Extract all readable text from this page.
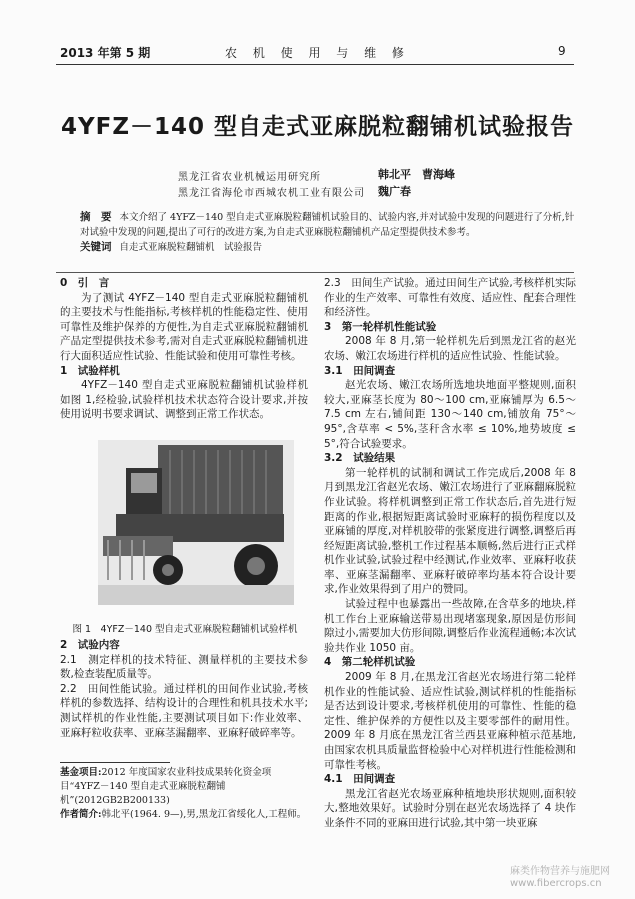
2013 年第 5 期	农 机 使 用 与 维 修	9
4YFZ－140 型自走式亚麻脱粒翻铺机试验报告
黑龙江省农业机械运用研究所
黑龙江省海伦市西城农机工业有限公司
韩北平　曹海峰
魏广春
摘　要 本文介绍了 4YFZ－140 型自走式亚麻脱粒翻铺机试验目的、试验内容,并对试验中发现的问题进行了分析,针对试验中发现的问题,提出了可行的改进方案,为自走式亚麻脱粒翻铺机产品定型提供技术参考。
关键词 自走式亚麻脱粒翻铺机　试验报告

0　引　言

为了测试 4YFZ－140 型自走式亚麻脱粒翻铺机的主要技术与性能指标,考核样机的性能稳定性、使用可靠性及维护保养的方便性,为自走式亚麻脱粒翻铺机产品定型提供技术参考,需对自走式亚麻脱粒翻铺机进行大面积适应性试验、性能试验和使用可靠性考核。

1　试验样机

4YFZ－140 型自走式亚麻脱粒翻铺机试验样机如图 1,经检验,试验样机技术状态符合设计要求,并按使用说明书要求调试、调整到正常工作状态。

图 1　4YFZ－140 型自走式亚麻脱粒翻铺机试验样机

2　试验内容

2.1　测定样机的技术特征、测量样机的主要技术参数,检查装配质量等。

2.2　田间性能试验。通过样机的田间作业试验,考核样机的参数选择、结构设计的合理性和机具技术水平;测试样机的作业性能,主要测试项目如下:作业效率、亚麻籽粒收获率、亚麻茎漏翻率、亚麻籽破碎率等。

基金项目:2012 年度国家农业科技成果转化资金项目“4YFZ－140 型自走式亚麻脱粒翻铺机”(2012GB2B200133)
作者简介:韩北平(1964. 9—),男,黑龙江省绥化人,工程师。

2.3　田间生产试验。通过田间生产试验,考核样机实际作业的生产效率、可靠性有效度、适应性、配套合理性和经济性。

3　第一轮样机性能试验

2008 年 8 月,第一轮样机先后到黑龙江省的赵光农场、嫩江农场进行样机的适应性试验、性能试验。

3.1　田间调查

赵光农场、嫩江农场所选地块地面平整规则,面积较大,亚麻茎长度为 80～100 cm,亚麻铺厚为 6.5～7.5 cm 左右,铺间距 130～140 cm,铺放角 75°～95°,含草率 < 5%,茎秆含水率 ≤ 10%,地势坡度 ≤ 5°,符合试验要求。

3.2　试验结果

第一轮样机的试制和调试工作完成后,2008 年 8 月到黑龙江省赵光农场、嫩江农场进行了亚麻翻麻脱粒作业试验。将样机调整到正常工作状态后,首先进行短距离的作业,根据短距离试验时亚麻籽的损伤程度以及亚麻铺的厚度,对样机胶带的张紧度进行调整,调整后再经短距离试验,整机工作过程基本顺畅,然后进行正式样机作业试验,试验过程中经测试,作业效率、亚麻籽收获率、亚麻茎漏翻率、亚麻籽破碎率均基本符合设计要求,作业效果得到了用户的赞同。

试验过程中也暴露出一些故障,在含草多的地块,样机工作台上亚麻输送带易出现堵塞现象,原因是仿形间隙过小,需要加大仿形间隙,调整后作业流程通畅;本次试验共作业 1050 亩。

4　第二轮样机试验

2009 年 8 月,在黑龙江省赵光农场进行第二轮样机作业的性能试验、适应性试验,测试样机的性能指标是否达到设计要求,考核样机使用的可靠性、性能的稳定性、维护保养的方便性以及主要零部件的耐用性。2009 年 8 月底在黑龙江省兰西县亚麻种植示范基地,由国家农机具质量监督检验中心对样机进行性能检测和可靠性考核。

4.1　田间调查

黑龙江省赵光农场亚麻种植地块形状规则,面积较大,整地效果好。试验时分别在赵光农场选择了 4 块作业条件不同的亚麻田进行试验,其中第一块亚麻

麻类作物营养与施肥网
www.fibercrops.cn
